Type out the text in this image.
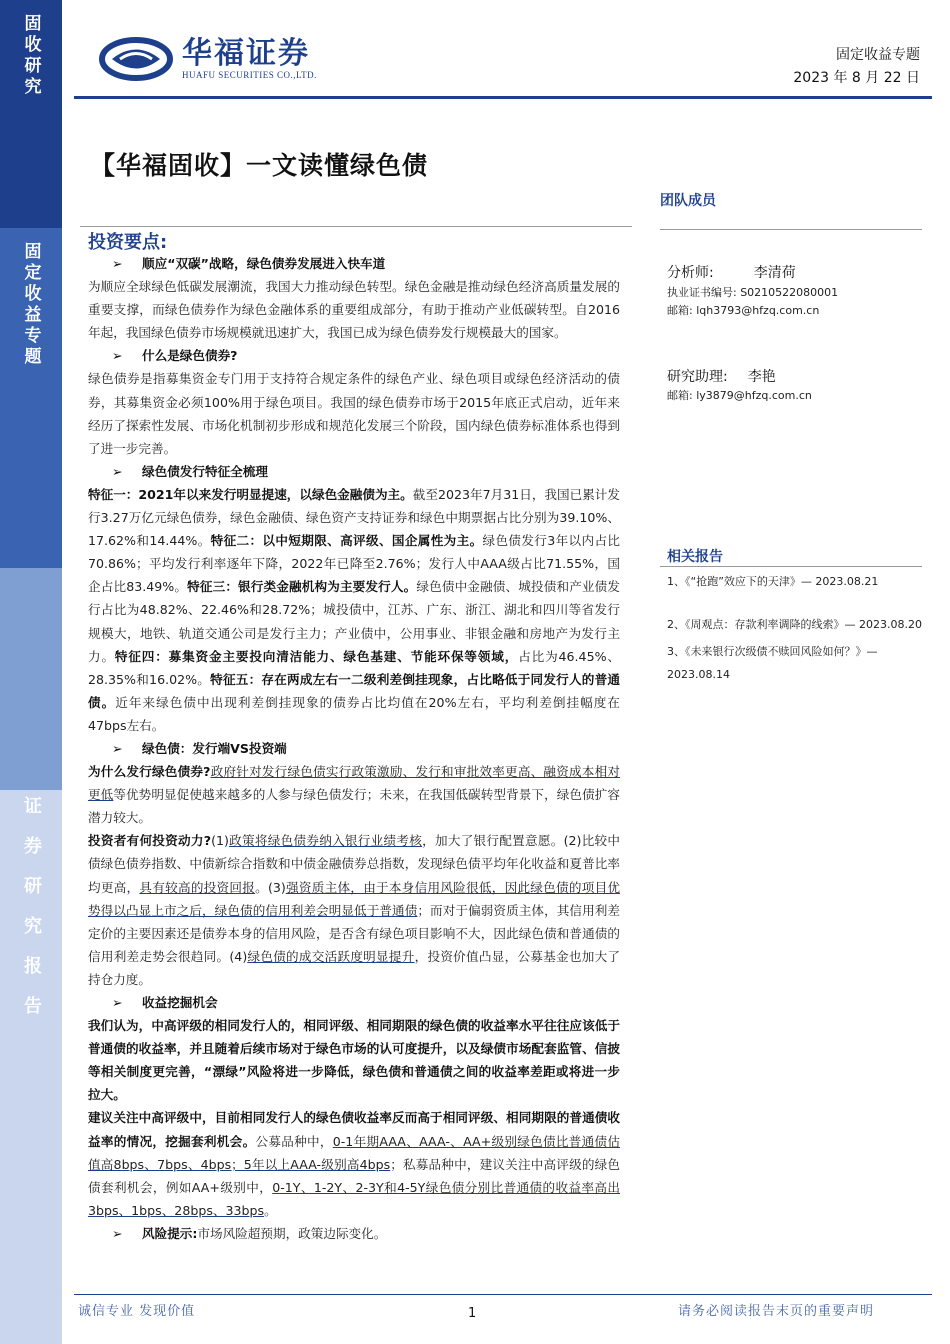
固收研究
固定收益专题
证券研究报告
华福证券
HUAFU SECURITIES CO.,LTD.
固定收益专题
2023 年 8 月 22 日
【华福固收】一文读懂绿色债
投资要点:

➢ 顺应“双碳”战略，绿色债券发展进入快车道

为顺应全球绿色低碳发展潮流，我国大力推动绿色转型。绿色金融是推动绿色经济高质量发展的重要支撑，而绿色债券作为绿色金融体系的重要组成部分，有助于推动产业低碳转型。自2016年起，我国绿色债券市场规模就迅速扩大，我国已成为绿色债券发行规模最大的国家。

➢ 什么是绿色债券?

绿色债券是指募集资金专门用于支持符合规定条件的绿色产业、绿色项目或绿色经济活动的债券，其募集资金必须100%用于绿色项目。我国的绿色债券市场于2015年底正式启动，近年来经历了探索性发展、市场化机制初步形成和规范化发展三个阶段，国内绿色债券标准体系也得到了进一步完善。

➢ 绿色债发行特征全梳理

特征一：2021年以来发行明显提速，以绿色金融债为主。截至2023年7月31日，我国已累计发行3.27万亿元绿色债券，绿色金融债、绿色资产支持证券和绿色中期票据占比分别为39.10%、17.62%和14.44%。特征二：以中短期限、高评级、国企属性为主。绿色债发行3年以内占比70.86%；平均发行利率逐年下降，2022年已降至2.76%；发行人中AAA级占比71.55%，国企占比83.49%。特征三：银行类金融机构为主要发行人。绿色债中金融债、城投债和产业债发行占比为48.82%、22.46%和28.72%；城投债中，江苏、广东、浙江、湖北和四川等省发行规模大，地铁、轨道交通公司是发行主力；产业债中，公用事业、非银金融和房地产为发行主力。特征四：募集资金主要投向清洁能力、绿色基建、节能环保等领域，占比为46.45%、28.35%和16.02%。特征五：存在两成左右一二级利差倒挂现象，占比略低于同发行人的普通债。近年来绿色债中出现利差倒挂现象的债券占比均值在20%左右，平均利差倒挂幅度在47bps左右。

➢ 绿色债：发行端VS投资端

为什么发行绿色债券?政府针对发行绿色债实行政策激励、发行和审批效率更高、融资成本相对更低等优势明显促使越来越多的人参与绿色债发行；未来，在我国低碳转型背景下，绿色债扩容潜力较大。

投资者有何投资动力?(1)政策将绿色债券纳入银行业绩考核，加大了银行配置意愿。(2)比较中债绿色债券指数、中债新综合指数和中债金融债券总指数，发现绿色债平均年化收益和夏普比率均更高，具有较高的投资回报。(3)强资质主体，由于本身信用风险很低，因此绿色债的项目优势得以凸显上市之后，绿色债的信用利差会明显低于普通债；而对于偏弱资质主体，其信用利差定价的主要因素还是债券本身的信用风险，是否含有绿色项目影响不大，因此绿色债和普通债的信用利差走势会很趋同。(4)绿色债的成交活跃度明显提升，投资价值凸显，公募基金也加大了持仓力度。

➢ 收益挖掘机会

我们认为，中高评级的相同发行人的，相同评级、相同期限的绿色债的收益率水平往往应该低于普通债的收益率，并且随着后续市场对于绿色市场的认可度提升，以及绿债市场配套监管、信披等相关制度更完善，“漂绿”风险将进一步降低，绿色债和普通债之间的收益率差距或将进一步拉大。

建议关注中高评级中，目前相同发行人的绿色债收益率反而高于相同评级、相同期限的普通债收益率的情况，挖掘套利机会。公募品种中，0-1年期AAA、AAA-、AA+级别绿色债比普通债估值高8bps、7bps、4bps；5年以上AAA-级别高4bps；私募品种中，建议关注中高评级的绿色债套利机会，例如AA+级别中，0-1Y、1-2Y、2-3Y和4-5Y绿色债分别比普通债的收益率高出3bps、1bps、28bps、33bps。

➢ 风险提示:市场风险超预期，政策边际变化。

团队成员
分析师:	李清荷
执业证书编号: S0210522080001
邮箱: lqh3793@hfzq.com.cn
研究助理: 李艳
邮箱: ly3879@hfzq.com.cn
相关报告
1、《“抢跑”效应下的天津》— 2023.08.21
2、《周观点：存款利率调降的线索》— 2023.08.20
3、《未来银行次级债不赎回风险如何？》— 2023.08.14
诚信专业 发现价值	1	请务必阅读报告末页的重要声明
